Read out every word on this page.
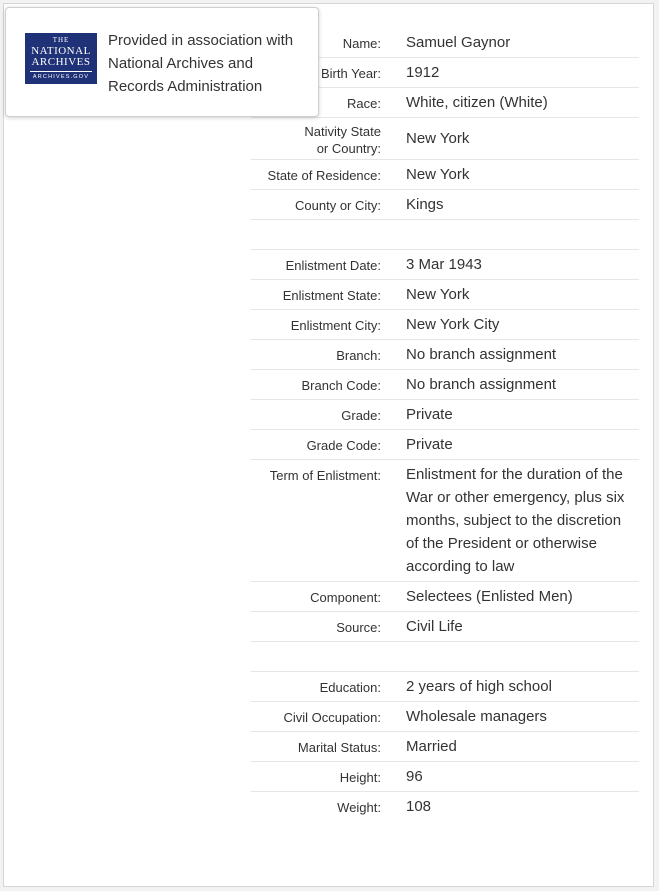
Name:	Samuel Gaynor
Birth Year:	1912
Race:	White, citizen (White)
Nativity State or Country:
New York
State of Residence:	New York
County or City:	Kings
Enlistment Date:	3 Mar 1943
Enlistment State:	New York
Enlistment City:	New York City
Branch:	No branch assignment
Branch Code:	No branch assignment
Grade:	Private
Grade Code:	Private
Term of Enlistment:	Enlistment for the duration of the War or other emergency, plus six months, subject to the discretion of the President or otherwise according to law
Component:	Selectees (Enlisted Men)
Source:	Civil Life
Education:	2 years of high school
Civil Occupation:	Wholesale managers
Marital Status:	Married
Height:	96
Weight:	108
THE
NATIONAL
ARCHIVES
ARCHIVES.GOV
Provided in association with National Archives and Records Administration
